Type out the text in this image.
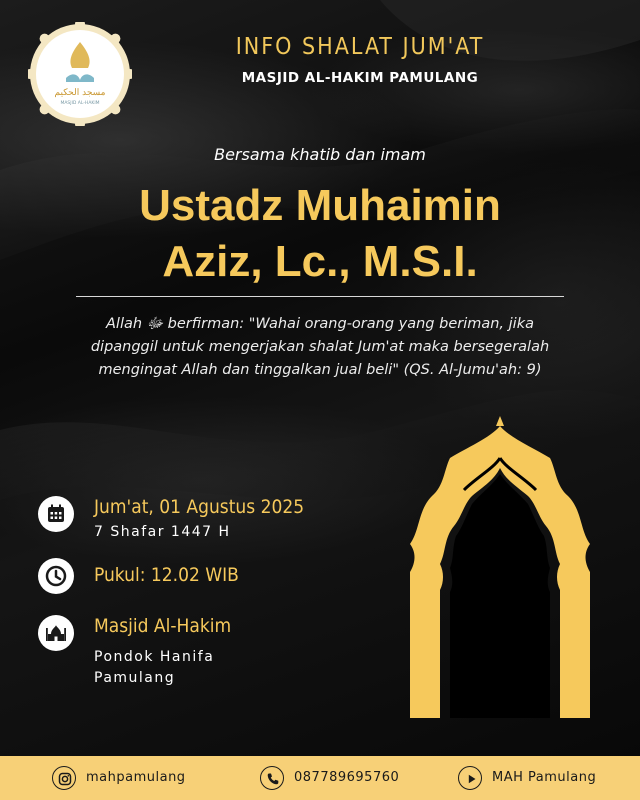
مسجد الحكيم
MASJID AL-HAKIM
INFO SHALAT JUM'AT
MASJID AL-HAKIM PAMULANG
Bersama khatib dan imam
Ustadz Muhaimin
Aziz, Lc., M.S.I.
Allah ﷻ berfirman: "Wahai orang-orang yang beriman, jika
dipanggil untuk mengerjakan shalat Jum'at maka bersegeralah
mengingat Allah dan tinggalkan jual beli" (QS. Al-Jumu'ah: 9)
Jum'at, 01 Agustus 2025
7 Shafar 1447 H
Pukul: 12.02 WIB
Masjid Al-Hakim
Pondok Hanifa
Pamulang
mahpamulang	087789695760	MAH Pamulang
